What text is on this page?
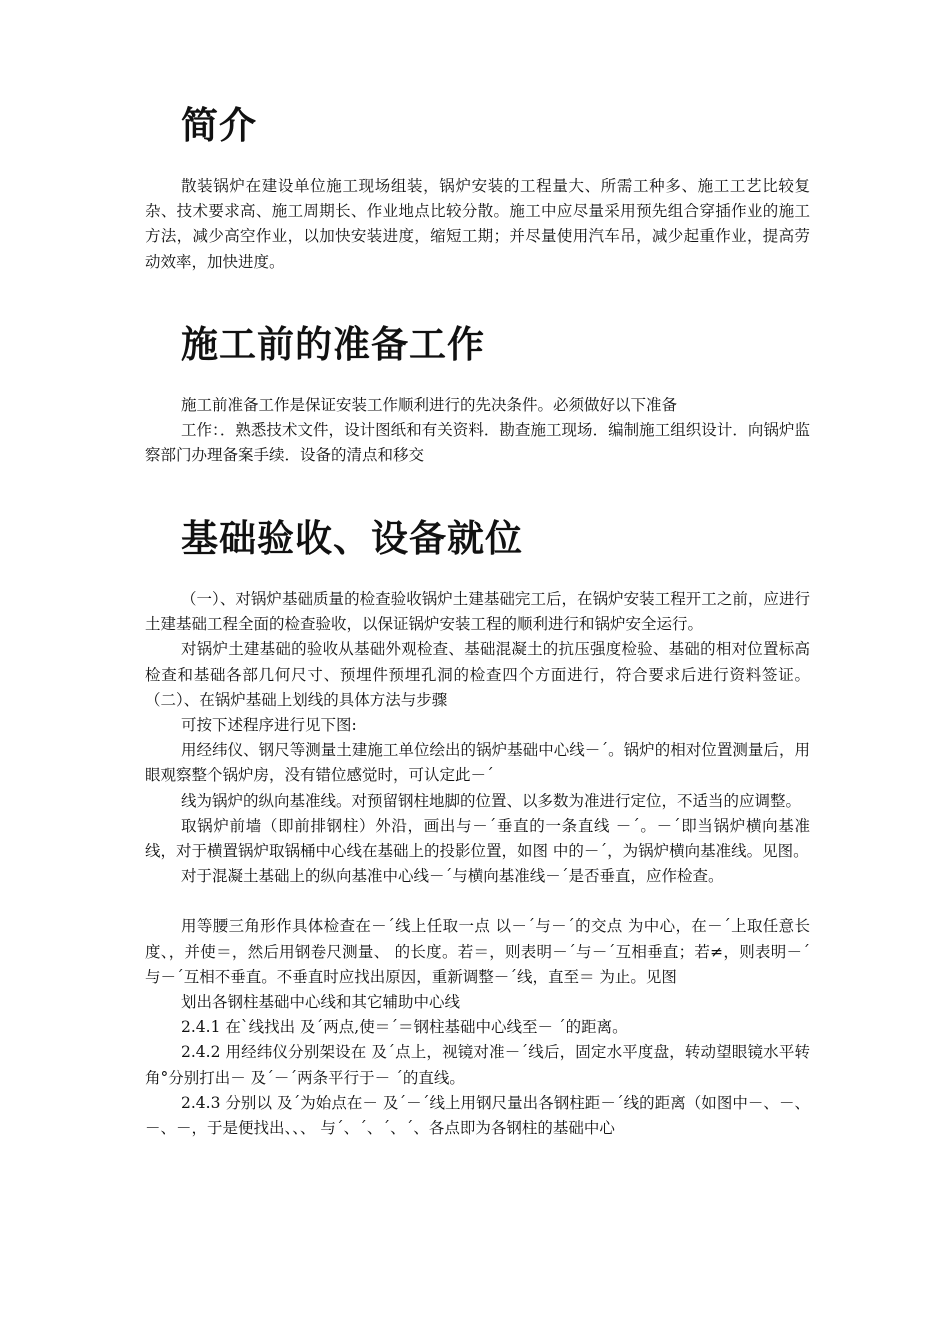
简介

散装锅炉在建设单位施工现场组装，锅炉安装的工程量大、所需工种多、施工工艺比较复杂、技术要求高、施工周期长、作业地点比较分散。施工中应尽量采用预先组合穿插作业的施工方法，减少高空作业，以加快安装进度，缩短工期；并尽量使用汽车吊，减少起重作业，提高劳动效率，加快进度。

施工前的准备工作

施工前准备工作是保证安装工作顺利进行的先决条件。必须做好以下准备

工作：．熟悉技术文件，设计图纸和有关资料．勘查施工现场．编制施工组织设计．向锅炉监察部门办理备案手续．设备的清点和移交

基础验收、设备就位

（一）、对锅炉基础质量的检查验收锅炉土建基础完工后，在锅炉安装工程开工之前，应进行土建基础工程全面的检查验收，以保证锅炉安装工程的顺利进行和锅炉安全运行。

对锅炉土建基础的验收从基础外观检查、基础混凝土的抗压强度检验、基础的相对位置标高检查和基础各部几何尺寸、预埋件预埋孔洞的检查四个方面进行，符合要求后进行资料签证。（二）、在锅炉基础上划线的具体方法与步骤

可按下述程序进行见下图:

用经纬仪、钢尺等测量土建施工单位绘出的锅炉基础中心线－ˊ。锅炉的相对位置测量后，用眼观察整个锅炉房，没有错位感觉时，可认定此－ˊ

线为锅炉的纵向基准线。对预留钢柱地脚的位置、以多数为准进行定位，不适当的应调整。

取锅炉前墙（即前排钢柱）外沿，画出与－ˊ垂直的一条直线 －ˊ。－ˊ即当锅炉横向基准线，对于横置锅炉取锅桶中心线在基础上的投影位置，如图 中的－ˊ，为锅炉横向基准线。见图。

对于混凝土基础上的纵向基准中心线－ˊ与横向基准线－ˊ是否垂直，应作检查。

用等腰三角形作具体检查在－ˊ线上任取一点 以－ˊ与－ˊ的交点 为中心，在－ˊ上取任意长度、，并使＝，然后用钢卷尺测量、 的长度。若＝，则表明－ˊ与－ˊ互相垂直；若≠，则表明－ˊ与－ˊ互相不垂直。不垂直时应找出原因，重新调整－ˊ线，直至＝ 为止。见图

划出各钢柱基础中心线和其它辅助中心线

2.4.1 在`线找出 及ˊ两点,使＝ˊ＝钢柱基础中心线至－ ˊ的距离。

2.4.2 用经纬仪分别架设在 及ˊ点上，视镜对准－ˊ线后，固定水平度盘，转动望眼镜水平转角°分别打出－ 及ˊ－ˊ两条平行于－ ˊ的直线。

2.4.3 分别以 及ˊ为始点在－ 及ˊ－ˊ线上用钢尺量出各钢柱距－ˊ线的距离（如图中－、－、－、－，于是便找出、、、 与ˊ、ˊ、ˊ、ˊ、各点即为各钢柱的基础中心
